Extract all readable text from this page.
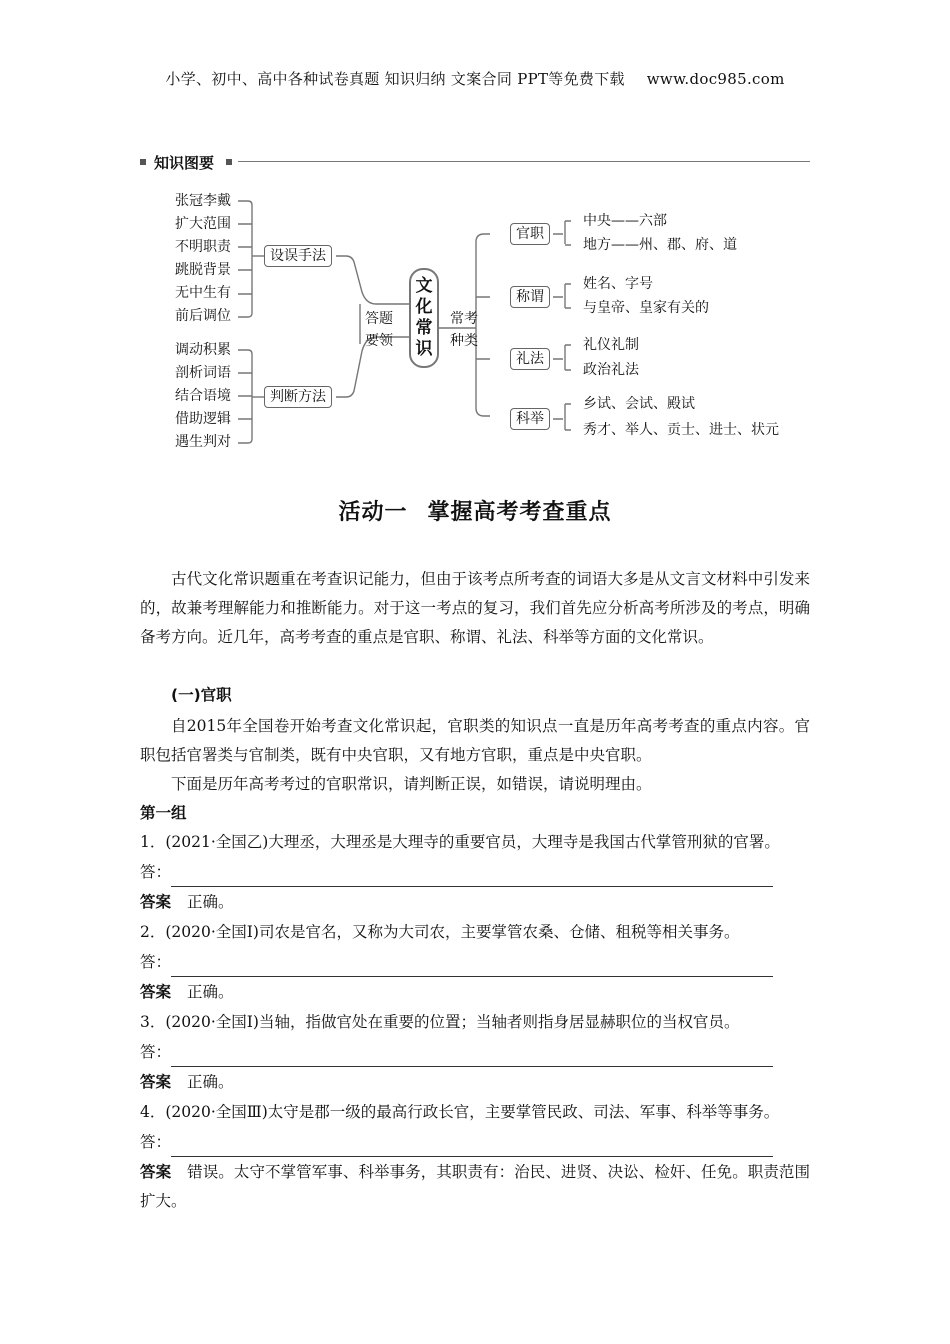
小学、初中、高中各种试卷真题 知识归纳 文案合同 PPT等免费下载 www.doc985.com
知识图要
张冠李戴
扩大范围
不明职责
跳脱背景
无中生有
前后调位
调动积累
剖析词语
结合语境
借助逻辑
遇生判对
设误手法
判断方法
答题
要领
文
化
常
识
常考
种类
官职
称谓
礼法
科举
中央——六部
地方——州、郡、府、道
姓名、字号
与皇帝、皇家有关的
礼仪礼制
政治礼法
乡试、会试、殿试
秀才、举人、贡士、进士、状元
活动一 掌握高考考查重点
古代文化常识题重在考查识记能力，但由于该考点所考查的词语大多是从文言文材料中引发来的，故兼考理解能力和推断能力。对于这一考点的复习，我们首先应分析高考所涉及的考点，明确备考方向。近几年，高考考查的重点是官职、称谓、礼法、科举等方面的文化常识。
(一)官职
自2015年全国卷开始考查文化常识起，官职类的知识点一直是历年高考考查的重点内容。官职包括官署类与官制类，既有中央官职，又有地方官职，重点是中央官职。
下面是历年高考考过的官职常识，请判断正误，如错误，请说明理由。
第一组
1．(2021·全国乙)大理丞，大理丞是大理寺的重要官员，大理寺是我国古代掌管刑狱的官署。
答：
答案 正确。
2．(2020·全国Ⅰ)司农是官名，又称为大司农，主要掌管农桑、仓储、租税等相关事务。
答：
答案 正确。
3．(2020·全国Ⅰ)当轴，指做官处在重要的位置；当轴者则指身居显赫职位的当权官员。
答：
答案 正确。
4．(2020·全国Ⅲ)太守是郡一级的最高行政长官，主要掌管民政、司法、军事、科举等事务。
答：
答案 错误。太守不掌管军事、科举事务，其职责有：治民、进贤、决讼、检奸、任免。职责范围扩大。
